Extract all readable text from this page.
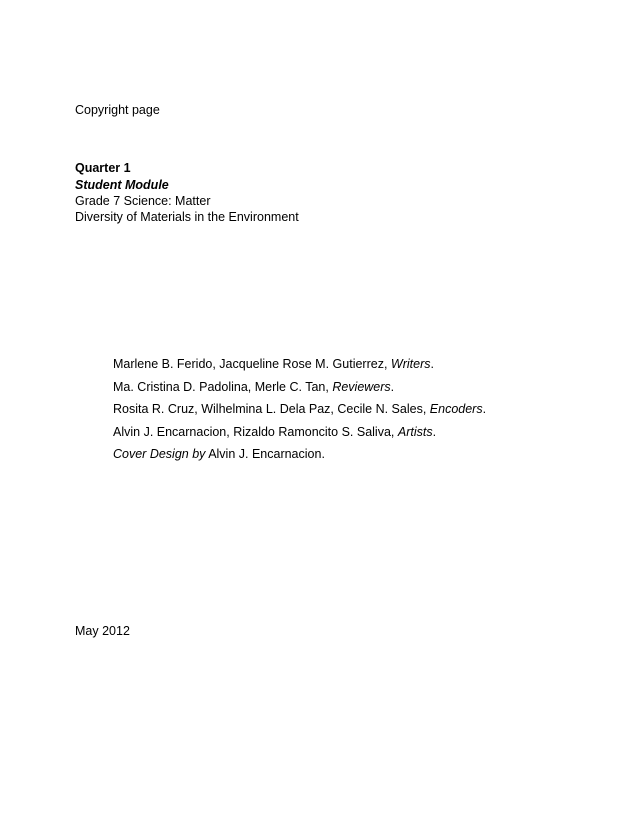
Copyright page
Quarter 1
Student Module
Grade 7 Science: Matter
Diversity of Materials in the Environment
Marlene B. Ferido, Jacqueline Rose M. Gutierrez, Writers.
Ma. Cristina D. Padolina, Merle C. Tan, Reviewers.
Rosita R. Cruz, Wilhelmina L. Dela Paz, Cecile N. Sales, Encoders.
Alvin J. Encarnacion, Rizaldo Ramoncito S. Saliva, Artists.
Cover Design by Alvin J. Encarnacion.
May 2012
